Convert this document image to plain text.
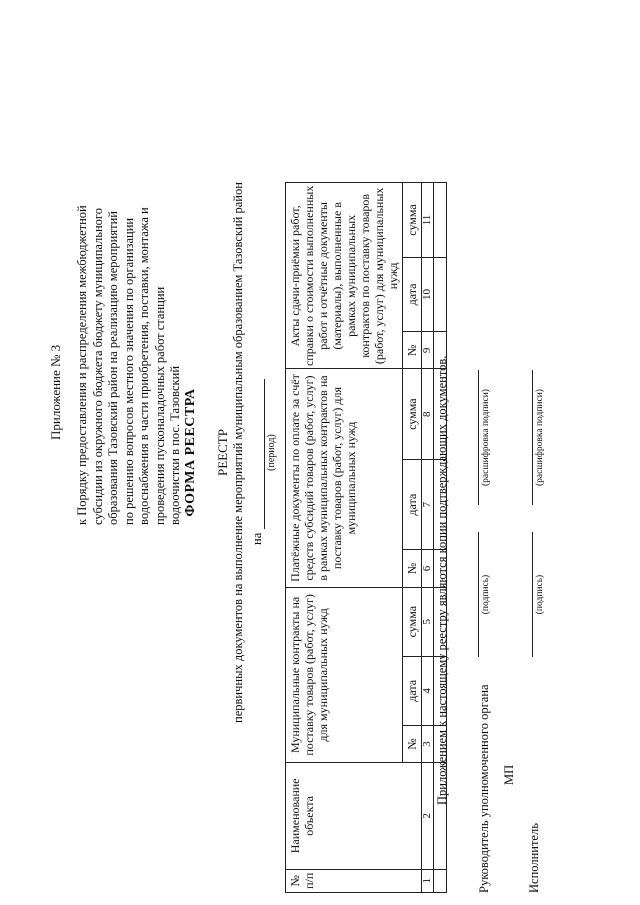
Приложение № 3 к Порядку предоставления и распределения межбюджетной субсидии из окружного бюджета бюджету муниципального образования Тазовский район на реализацию мероприятий по решению вопросов местного значения по организации водоснабжения в части приобретения, поставки, монтажа и проведения пусконаладочных работ станции водоочистки в пос. Тазовский ФОРМА РЕЕСТРА РЕЕСТР первичных документов на выполнение мероприятий муниципальным образованием Тазовский район на
(период)
№ п/п	Наименование объекта	Муниципальные контракты на поставку товаров (работ, услуг) для муниципальных нужд			Платёжные документы по оплате за счёт средств субсидий товаров (работ, услуг) в рамках муниципальных контрактов на поставку товаров (работ, услуг) для муниципальных нужд			Акты сдачи-приёмки работ, справки о стоимости выполненных работ и отчётные документы (материалы), выполненные в рамках муниципальных контрактов по поставку товаров (работ, услуг) для муниципальных нужд			
		№	дата	сумма	№	дата	сумма	№	дата	сумма	
1	2	3	4	5	6	7	8	9	10	11	

Приложением к настоящему реестру являются копии подтверждающих документов. Руководитель уполномоченного органа
(подпись)
(расшифровка подписи)
МП
Исполнитель
(подпись)
(расшифровка подписи)
